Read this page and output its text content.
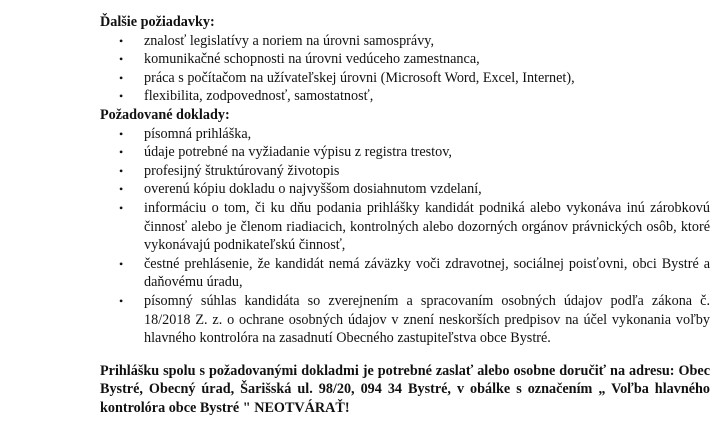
Ďalšie požiadavky:

• znalosť legislatívy a noriem na úrovni samosprávy,
• komunikačné schopnosti na úrovni vedúceho zamestnanca,
• práca s počítačom na užívateľskej úrovni (Microsoft Word, Excel, Internet),
• flexibilita, zodpovednosť, samostatnosť,

Požadované doklady:

• písomná prihláška,
• údaje potrebné na vyžiadanie výpisu z registra trestov,
• profesijný štruktúrovaný životopis
• overenú kópiu dokladu o najvyššom dosiahnutom vzdelaní,
• informáciu o tom, či ku dňu podania prihlášky kandidát podniká alebo vykonáva inú zárobkovú činnosť alebo je členom riadiacich, kontrolných alebo dozorných orgánov právnických osôb, ktoré vykonávajú podnikateľskú činnosť,
• čestné prehlásenie, že kandidát nemá záväzky voči zdravotnej, sociálnej poisťovni, obci Bystré a daňovému úradu,
• písomný súhlas kandidáta so zverejnením a spracovaním osobných údajov podľa zákona č. 18/2018 Z. z. o ochrane osobných údajov v znení neskorších predpisov na účel vykonania voľby hlavného kontrolóra na zasadnutí Obecného zastupiteľstva obce Bystré.

Prihlášku spolu s požadovanými dokladmi je potrebné zaslať alebo osobne doručiť na adresu: Obec Bystré, Obecný úrad, Šarišská ul. 98/20, 094 34 Bystré, v obálke s označením „ Voľba hlavného kontrolóra obce Bystré " NEOTVÁRAŤ!
